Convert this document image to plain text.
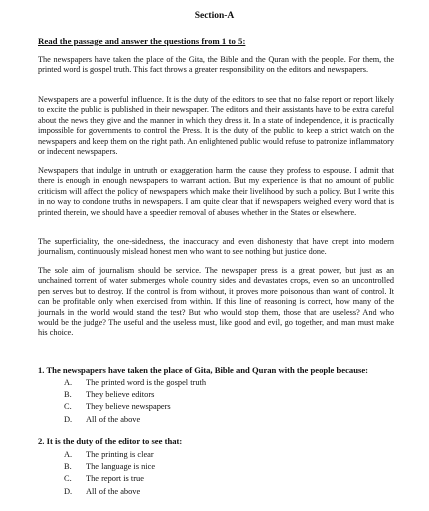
Section-A
Read the passage and answer the questions from 1 to 5:

The newspapers have taken the place of the Gita, the Bible and the Quran with the people. For them, the printed word is gospel truth. This fact throws a greater responsibility on the editors and newspapers.

Newspapers are a powerful influence. It is the duty of the editors to see that no false report or report likely to excite the public is published in their newspaper. The editors and their assistants have to be extra careful about the news they give and the manner in which they dress it. In a state of independence, it is practically impossible for governments to control the Press. It is the duty of the public to keep a strict watch on the newspapers and keep them on the right path. An enlightened public would refuse to patronize inflammatory or indecent newspapers.

Newspapers that indulge in untruth or exaggeration harm the cause they profess to espouse. I admit that there is enough in enough newspapers to warrant action. But my experience is that no amount of public criticism will affect the policy of newspapers which make their livelihood by such a policy. But I write this in no way to condone truths in newspapers. I am quite clear that if newspapers weighed every word that is printed therein, we should have a speedier removal of abuses whether in the States or elsewhere.

The superficiality, the one-sidedness, the inaccuracy and even dishonesty that have crept into modern journalism, continuously mislead honest men who want to see nothing but justice done.

The sole aim of journalism should be service. The newspaper press is a great power, but just as an unchained torrent of water submerges whole country sides and devastates crops, even so an uncontrolled pen serves but to destroy. If the control is from without, it proves more poisonous than want of control. It can be profitable only when exercised from within. If this line of reasoning is correct, how many of the journals in the world would stand the test? But who would stop them, those that are useless? And who would be the judge? The useful and the useless must, like good and evil, go together, and man must make his choice.

1. The newspapers have taken the place of Gita, Bible and Quran with the people because:
A. The printed word is the gospel truth
B. They believe editors
C. They believe newspapers
D. All of the above
2. It is the duty of the editor to see that:
A. The printing is clear
B. The language is nice
C. The report is true
D. All of the above
